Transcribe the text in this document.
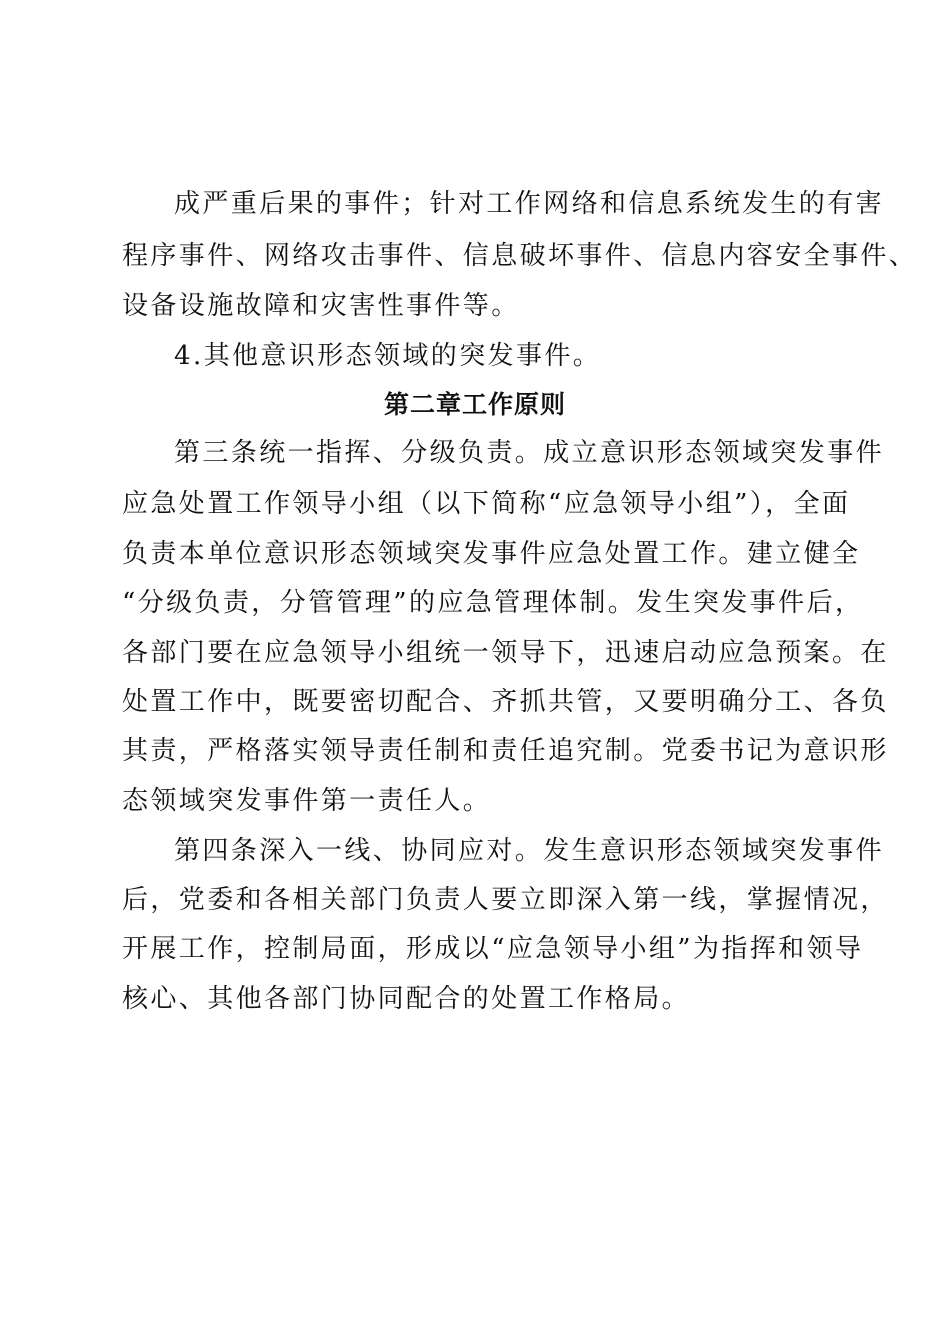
成严重后果的事件；针对工作网络和信息系统发生的有害
程序事件、网络攻击事件、信息破坏事件、信息内容安全事件、
设备设施故障和灾害性事件等。
4.其他意识形态领域的突发事件。
第二章工作原则
第三条统一指挥、分级负责。成立意识形态领域突发事件
应急处置工作领导小组（以下简称“应急领导小组”），全面
负责本单位意识形态领域突发事件应急处置工作。建立健全
“分级负责，分管管理”的应急管理体制。发生突发事件后，
各部门要在应急领导小组统一领导下，迅速启动应急预案。在
处置工作中，既要密切配合、齐抓共管，又要明确分工、各负
其责，严格落实领导责任制和责任追究制。党委书记为意识形
态领域突发事件第一责任人。
第四条深入一线、协同应对。发生意识形态领域突发事件
后，党委和各相关部门负责人要立即深入第一线，掌握情况，
开展工作，控制局面，形成以“应急领导小组”为指挥和领导
核心、其他各部门协同配合的处置工作格局。
